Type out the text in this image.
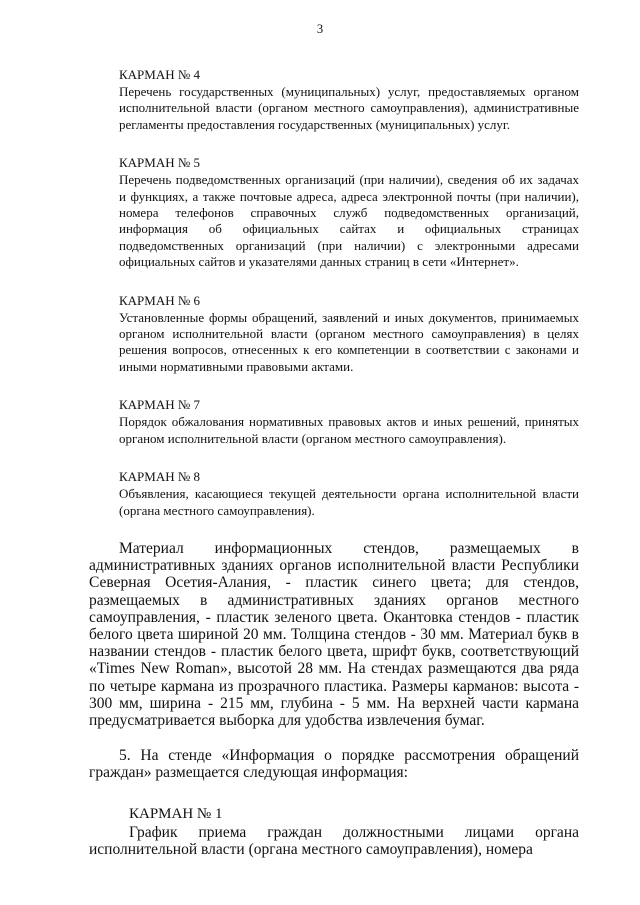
3

КАРМАН № 4

Перечень государственных (муниципальных) услуг, предоставляемых органом исполнительной власти (органом местного самоуправления), административные регламенты предоставления государственных (муниципальных) услуг.

КАРМАН № 5

Перечень подведомственных организаций (при наличии), сведения об их задачах и функциях, а также почтовые адреса, адреса электронной почты (при наличии), номера телефонов справочных служб подведомственных организаций, информация об официальных сайтах и официальных страницах подведомственных организаций (при наличии) с электронными адресами официальных сайтов и указателями данных страниц в сети «Интернет».

КАРМАН № 6

Установленные формы обращений, заявлений и иных документов, принимаемых органом исполнительной власти (органом местного самоуправления) в целях решения вопросов, отнесенных к его компетенции в соответствии с законами и иными нормативными правовыми актами.

КАРМАН № 7

Порядок обжалования нормативных правовых актов и иных решений, принятых органом исполнительной власти (органом местного самоуправления).

КАРМАН № 8

Объявления, касающиеся текущей деятельности органа исполнительной власти (органа местного самоуправления).

Материал информационных стендов, размещаемых в административных зданиях органов исполнительной власти Республики Северная Осетия-Алания, - пластик синего цвета; для стендов, размещаемых в административных зданиях органов местного самоуправления, - пластик зеленого цвета. Окантовка стендов - пластик белого цвета шириной 20 мм. Толщина стендов - 30 мм. Материал букв в названии стендов - пластик белого цвета, шрифт букв, соответствующий «Times New Roman», высотой 28 мм. На стендах размещаются два ряда по четыре кармана из прозрачного пластика. Размеры карманов: высота - 300 мм, ширина - 215 мм, глубина - 5 мм. На верхней части кармана предусматривается выборка для удобства извлечения бумаг.

5. На стенде «Информация о порядке рассмотрения обращений граждан» размещается следующая информация:

КАРМАН № 1

График приема граждан должностными лицами органа исполнительной власти (органа местного самоуправления), номера
